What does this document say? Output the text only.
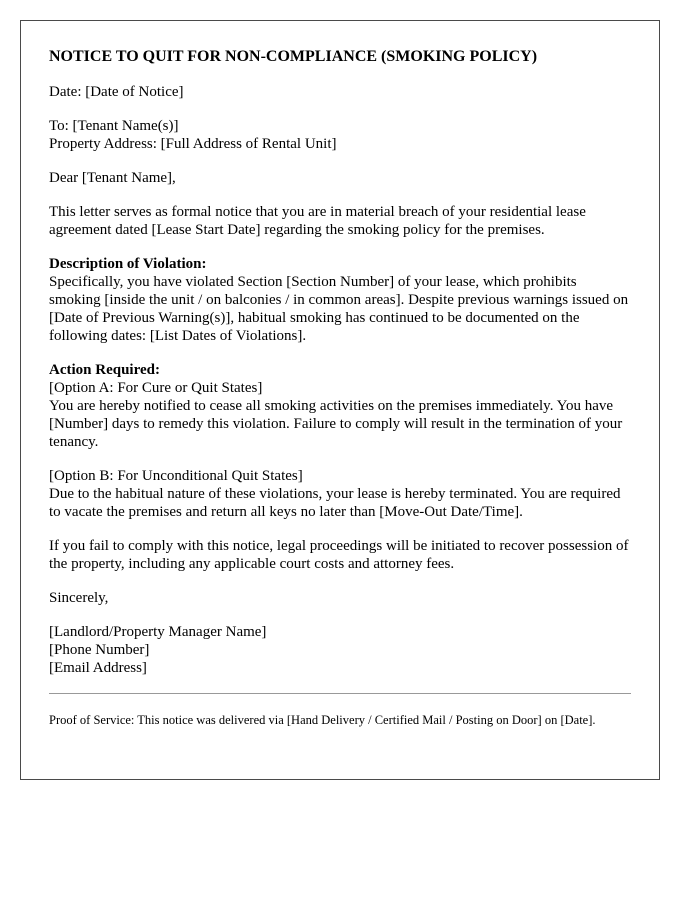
NOTICE TO QUIT FOR NON-COMPLIANCE (SMOKING POLICY)

Date: [Date of Notice]

To: [Tenant Name(s)]
Property Address: [Full Address of Rental Unit]

Dear [Tenant Name],

This letter serves as formal notice that you are in material breach of your residential lease agreement dated [Lease Start Date] regarding the smoking policy for the premises.

Description of Violation:
Specifically, you have violated Section [Section Number] of your lease, which prohibits smoking [inside the unit / on balconies / in common areas]. Despite previous warnings issued on [Date of Previous Warning(s)], habitual smoking has continued to be documented on the following dates: [List Dates of Violations].

Action Required:
[Option A: For Cure or Quit States]
You are hereby notified to cease all smoking activities on the premises immediately. You have [Number] days to remedy this violation. Failure to comply will result in the termination of your tenancy.

[Option B: For Unconditional Quit States]
Due to the habitual nature of these violations, your lease is hereby terminated. You are required to vacate the premises and return all keys no later than [Move-Out Date/Time].

If you fail to comply with this notice, legal proceedings will be initiated to recover possession of the property, including any applicable court costs and attorney fees.

Sincerely,

[Landlord/Property Manager Name]
[Phone Number]
[Email Address]
Proof of Service: This notice was delivered via [Hand Delivery / Certified Mail / Posting on Door] on [Date].
